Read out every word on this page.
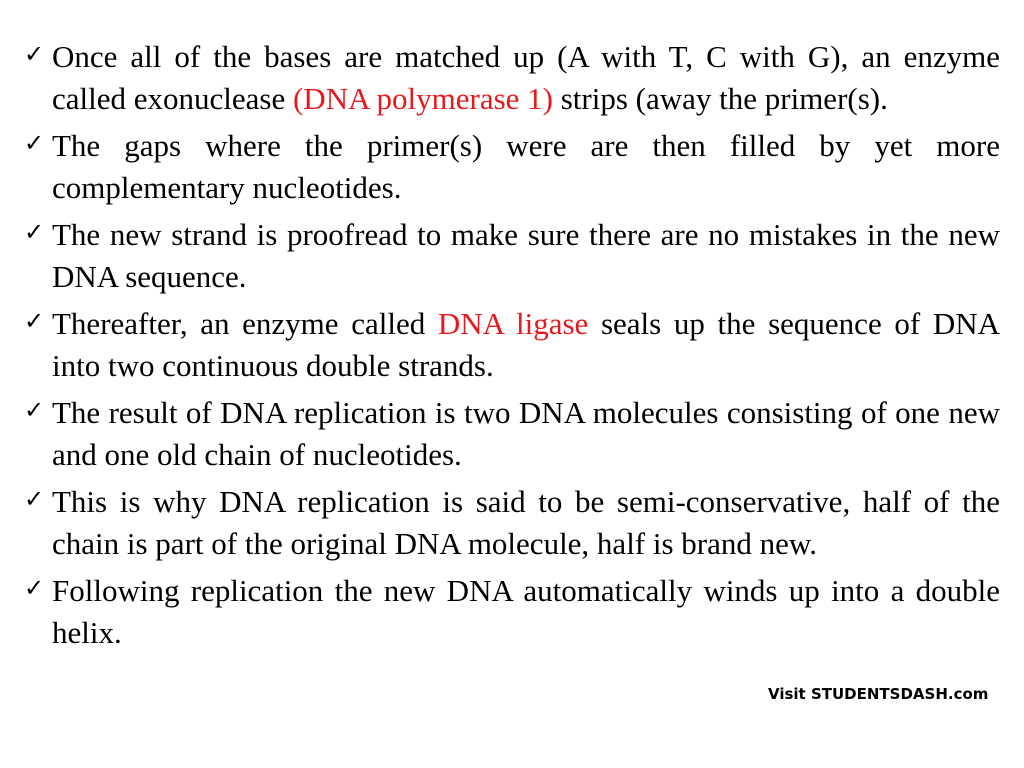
✓ Once all of the bases are matched up (A with T, C with G), an enzyme called exonuclease (DNA polymerase 1) strips (away the primer(s).
✓ The gaps where the primer(s) were are then filled by yet more complementary nucleotides.
✓ The new strand is proofread to make sure there are no mistakes in the new DNA sequence.
✓ Thereafter, an enzyme called DNA ligase seals up the sequence of DNA into two continuous double strands.
✓ The result of DNA replication is two DNA molecules consisting of one new and one old chain of nucleotides.
✓ This is why DNA replication is said to be semi-conservative, half of the chain is part of the original DNA molecule, half is brand new.
✓ Following replication the new DNA automatically winds up into a double helix.
Visit STUDENTSDASH.com
